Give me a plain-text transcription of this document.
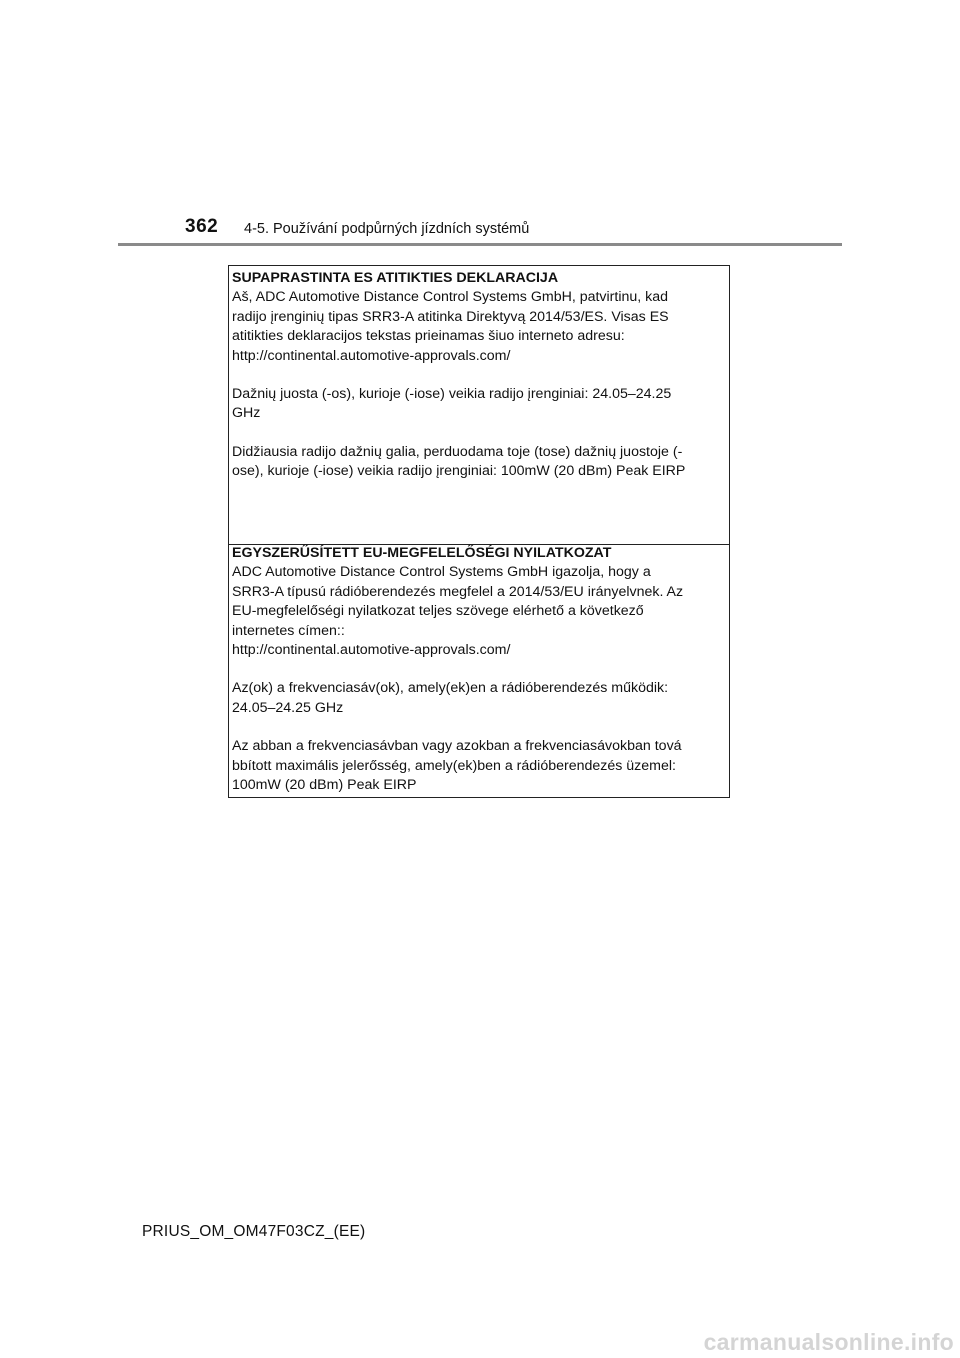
362 4-5. Používání podpůrných jízdních systémů
SUPAPRASTINTA ES ATITIKTIES DEKLARACIJA
Aš, ADC Automotive Distance Control Systems GmbH, patvirtinu, kad
radijo įrenginių tipas SRR3-A atitinka Direktyvą 2014/53/ES. Visas ES
atitikties deklaracijos tekstas prieinamas šiuo interneto adresu:
http://continental.automotive-approvals.com/
Dažnių juosta (-os), kurioje (-iose) veikia radijo įrenginiai: 24.05–24.25
GHz
Didžiausia radijo dažnių galia, perduodama toje (tose) dažnių juostoje (-
ose), kurioje (-iose) veikia radijo įrenginiai: 100mW (20 dBm) Peak EIRP
EGYSZERŰSÍTETT EU-MEGFELELŐSÉGI NYILATKOZAT
ADC Automotive Distance Control Systems GmbH igazolja, hogy a
SRR3-A típusú rádióberendezés megfelel a 2014/53/EU irányelvnek. Az
EU-megfelelőségi nyilatkozat teljes szövege elérhető a következő
internetes címen::
http://continental.automotive-approvals.com/
Az(ok) a frekvenciasáv(ok), amely(ek)en a rádióberendezés működik:
24.05–24.25 GHz
Az abban a frekvenciasávban vagy azokban a frekvenciasávokban tová
bbított maximális jelerősség, amely(ek)ben a rádióberendezés üzemel:
100mW (20 dBm) Peak EIRP
PRIUS_OM_OM47F03CZ_(EE)
carmanualsonline.info
